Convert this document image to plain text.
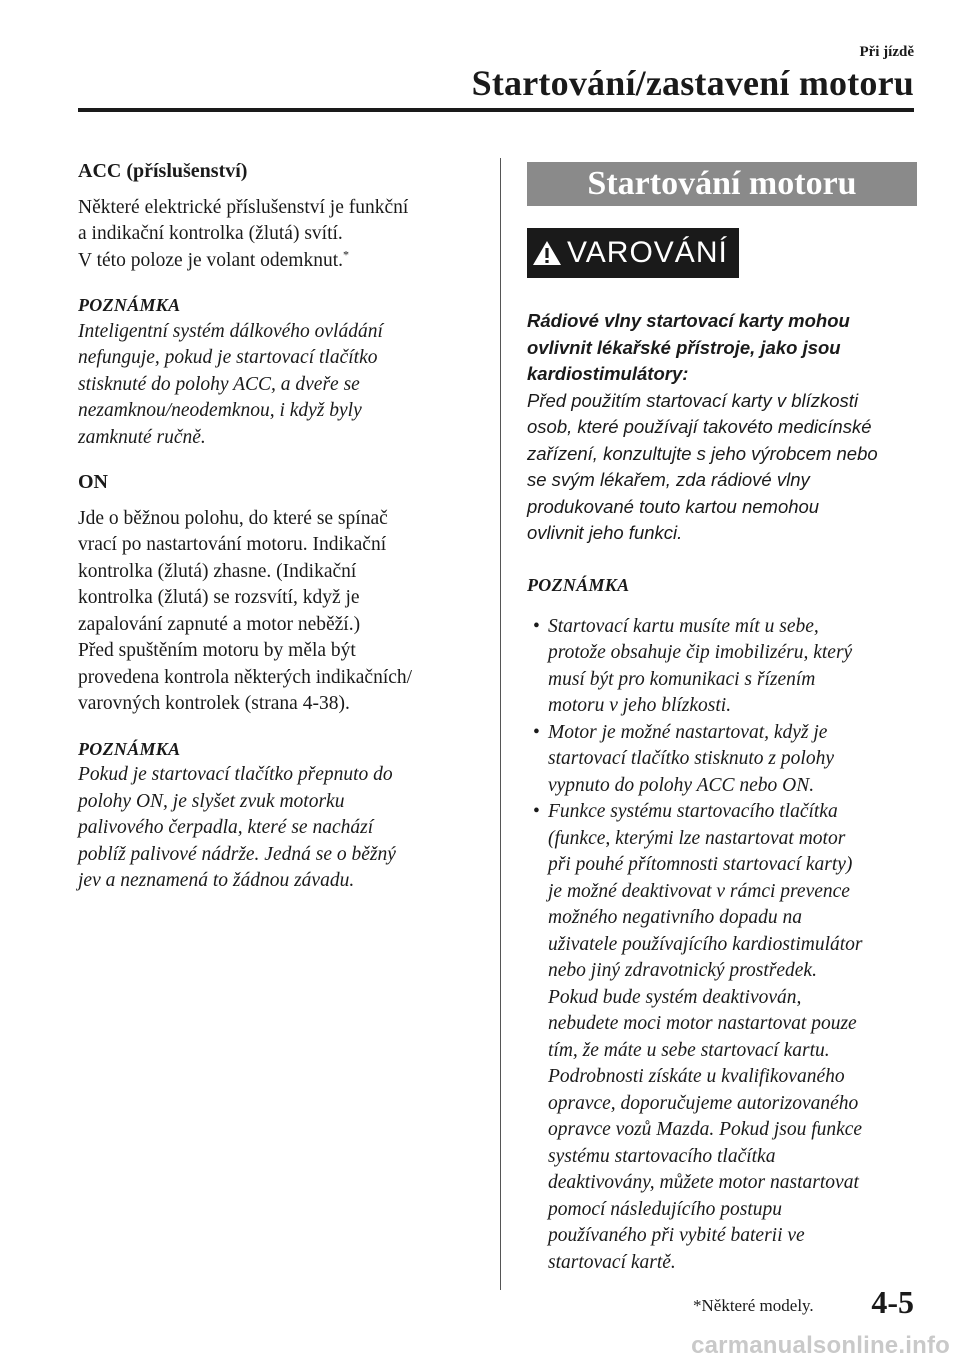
Při jízdě
Startování/zastavení motoru

ACC (příslušenství)

Některé elektrické příslušenství je funkční

a indikační kontrolka (žlutá) svítí.

V této poloze je volant odemknut.*

POZNÁMKA

Inteligentní systém dálkového ovládání

nefunguje, pokud je startovací tlačítko

stisknuté do polohy ACC, a dveře se

nezamknou/neodemknou, i když byly

zamknuté ručně.

ON

Jde o běžnou polohu, do které se spínač

vrací po nastartování motoru. Indikační

kontrolka (žlutá) zhasne. (Indikační

kontrolka (žlutá) se rozsvítí, když je

zapalování zapnuté a motor neběží.)

Před spuštěním motoru by měla být

provedena kontrola některých indikačních/

varovných kontrolek (strana 4-38).

POZNÁMKA

Pokud je startovací tlačítko přepnuto do

polohy ON, je slyšet zvuk motorku

palivového čerpadla, které se nachází

poblíž palivové nádrže. Jedná se o běžný

jev a neznamená to žádnou závadu.

Startování motoru
VAROVÁNÍ

Rádiové vlny startovací karty mohou

ovlivnit lékařské přístroje, jako jsou

kardiostimulátory:

Před použitím startovací karty v blízkosti

osob, které používají takovéto medicínské

zařízení, konzultujte s jeho výrobcem nebo

se svým lékařem, zda rádiové vlny

produkované touto kartou nemohou

ovlivnit jeho funkci.

POZNÁMKA

• Startovací kartu musíte mít u sebe,
protože obsahuje čip imobilizéru, který
musí být pro komunikaci s řízením
motoru v jeho blízkosti.
• Motor je možné nastartovat, když je
startovací tlačítko stisknuto z polohy
vypnuto do polohy ACC nebo ON.
• Funkce systému startovacího tlačítka
(funkce, kterými lze nastartovat motor
při pouhé přítomnosti startovací karty)
je možné deaktivovat v rámci prevence
možného negativního dopadu na
uživatele používajícího kardiostimulátor
nebo jiný zdravotnický prostředek.
Pokud bude systém deaktivován,
nebudete moci motor nastartovat pouze
tím, že máte u sebe startovací kartu.
Podrobnosti získáte u kvalifikovaného
opravce, doporučujeme autorizovaného
opravce vozů Mazda. Pokud jsou funkce
systému startovacího tlačítka
deaktivovány, můžete motor nastartovat
pomocí následujícího postupu
používaného při vybité baterii ve
startovací kartě.
*Některé modely. 4-5
carmanualsonline.info
